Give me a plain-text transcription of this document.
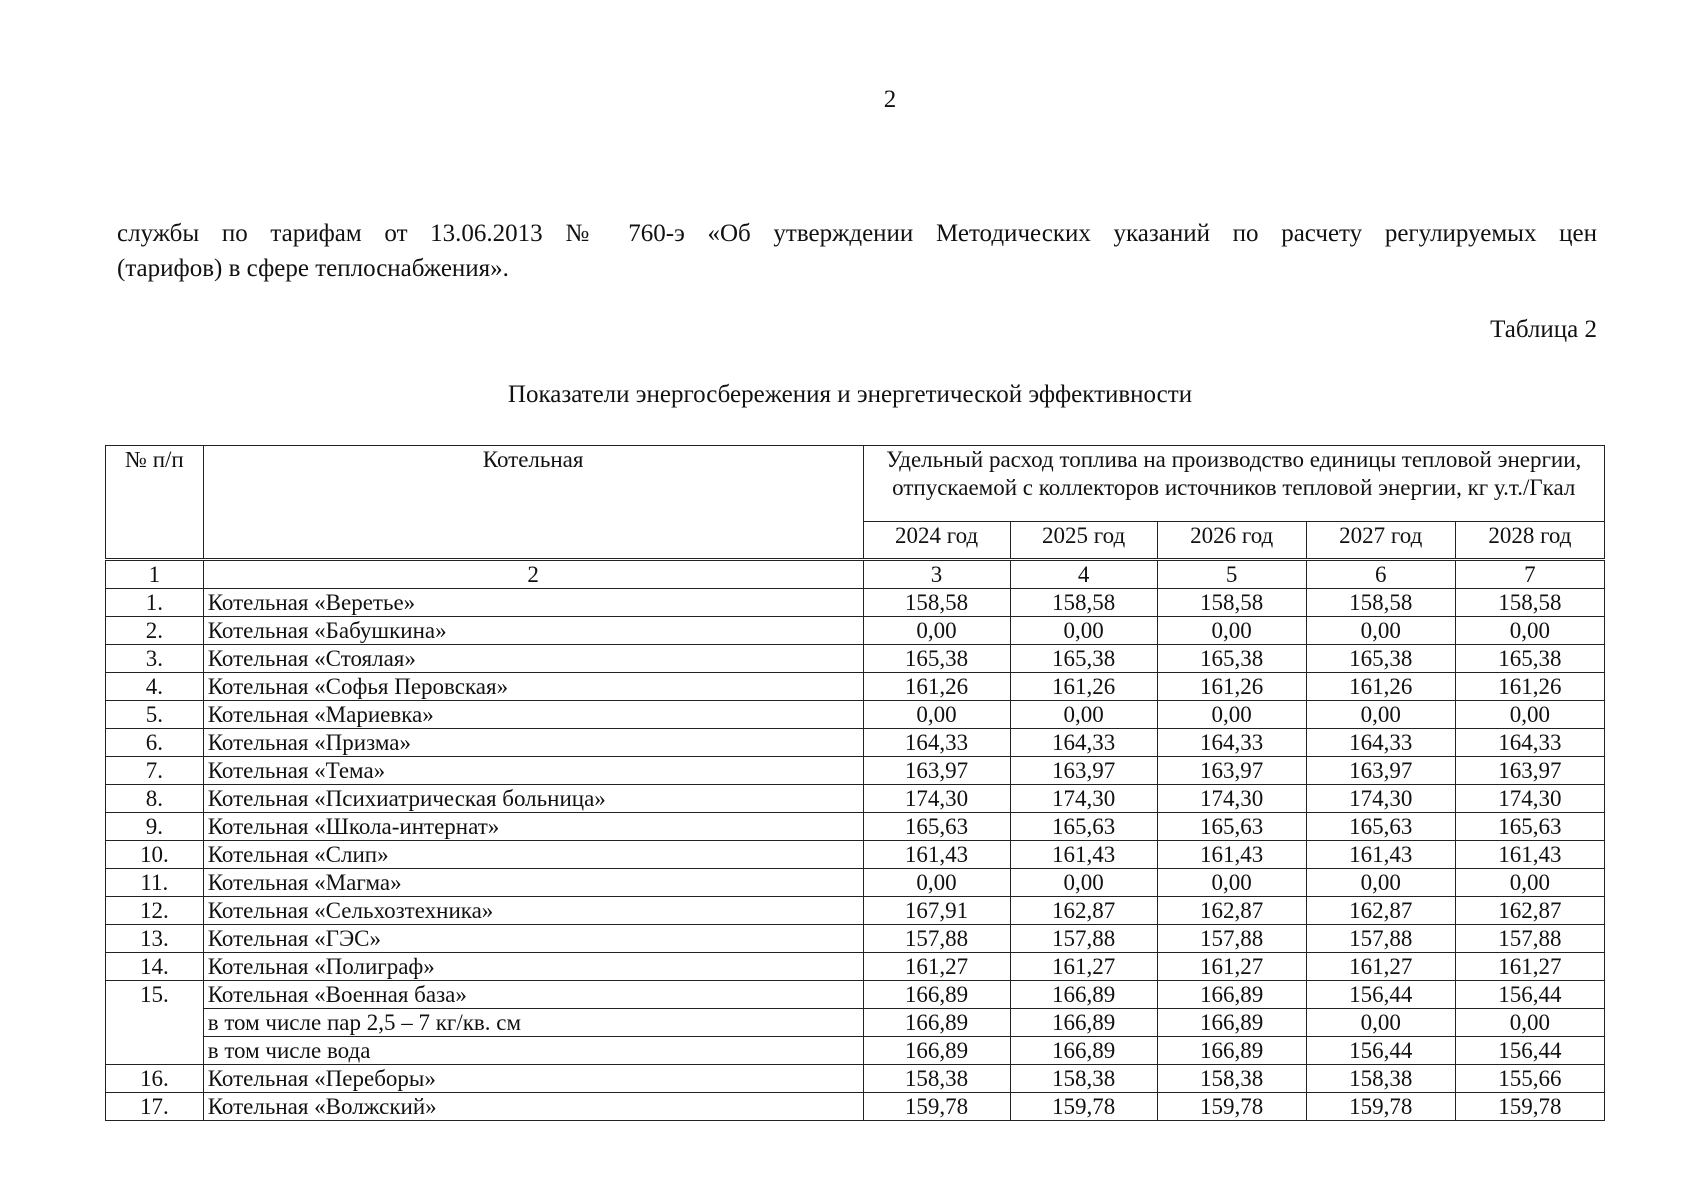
2
службы по тарифам от 13.06.2013 № 760-э «Об утверждении Методических указаний по расчету регулируемых цен
(тарифов) в сфере теплоснабжения».
Таблица 2
Показатели энергосбережения и энергетической эффективности
№ п/п	Котельная	Удельный расход топлива на производство единицы тепловой энергии, отпускаемой с коллекторов источников тепловой энергии, кг у.т./Гкал				
		2024 год	2025 год	2026 год	2027 год	2028 год
1	2	3	4	5	6	7
1.	Котельная «Веретье»	158,58	158,58	158,58	158,58	158,58
2.	Котельная «Бабушкина»	0,00	0,00	0,00	0,00	0,00
3.	Котельная «Стоялая»	165,38	165,38	165,38	165,38	165,38
4.	Котельная «Софья Перовская»	161,26	161,26	161,26	161,26	161,26
5.	Котельная «Мариевка»	0,00	0,00	0,00	0,00	0,00
6.	Котельная «Призма»	164,33	164,33	164,33	164,33	164,33
7.	Котельная «Тема»	163,97	163,97	163,97	163,97	163,97
8.	Котельная «Психиатрическая больница»	174,30	174,30	174,30	174,30	174,30
9.	Котельная «Школа-интернат»	165,63	165,63	165,63	165,63	165,63
10.	Котельная «Слип»	161,43	161,43	161,43	161,43	161,43
11.	Котельная «Магма»	0,00	0,00	0,00	0,00	0,00
12.	Котельная «Сельхозтехника»	167,91	162,87	162,87	162,87	162,87
13.	Котельная «ГЭС»	157,88	157,88	157,88	157,88	157,88
14.	Котельная «Полиграф»	161,27	161,27	161,27	161,27	161,27
15.	Котельная «Военная база»	166,89	166,89	166,89	156,44	156,44
	в том числе пар 2,5 – 7 кг/кв. см	166,89	166,89	166,89	0,00	0,00
	в том числе вода	166,89	166,89	166,89	156,44	156,44
16.	Котельная «Переборы»	158,38	158,38	158,38	158,38	155,66
17.	Котельная «Волжский»	159,78	159,78	159,78	159,78	159,78
